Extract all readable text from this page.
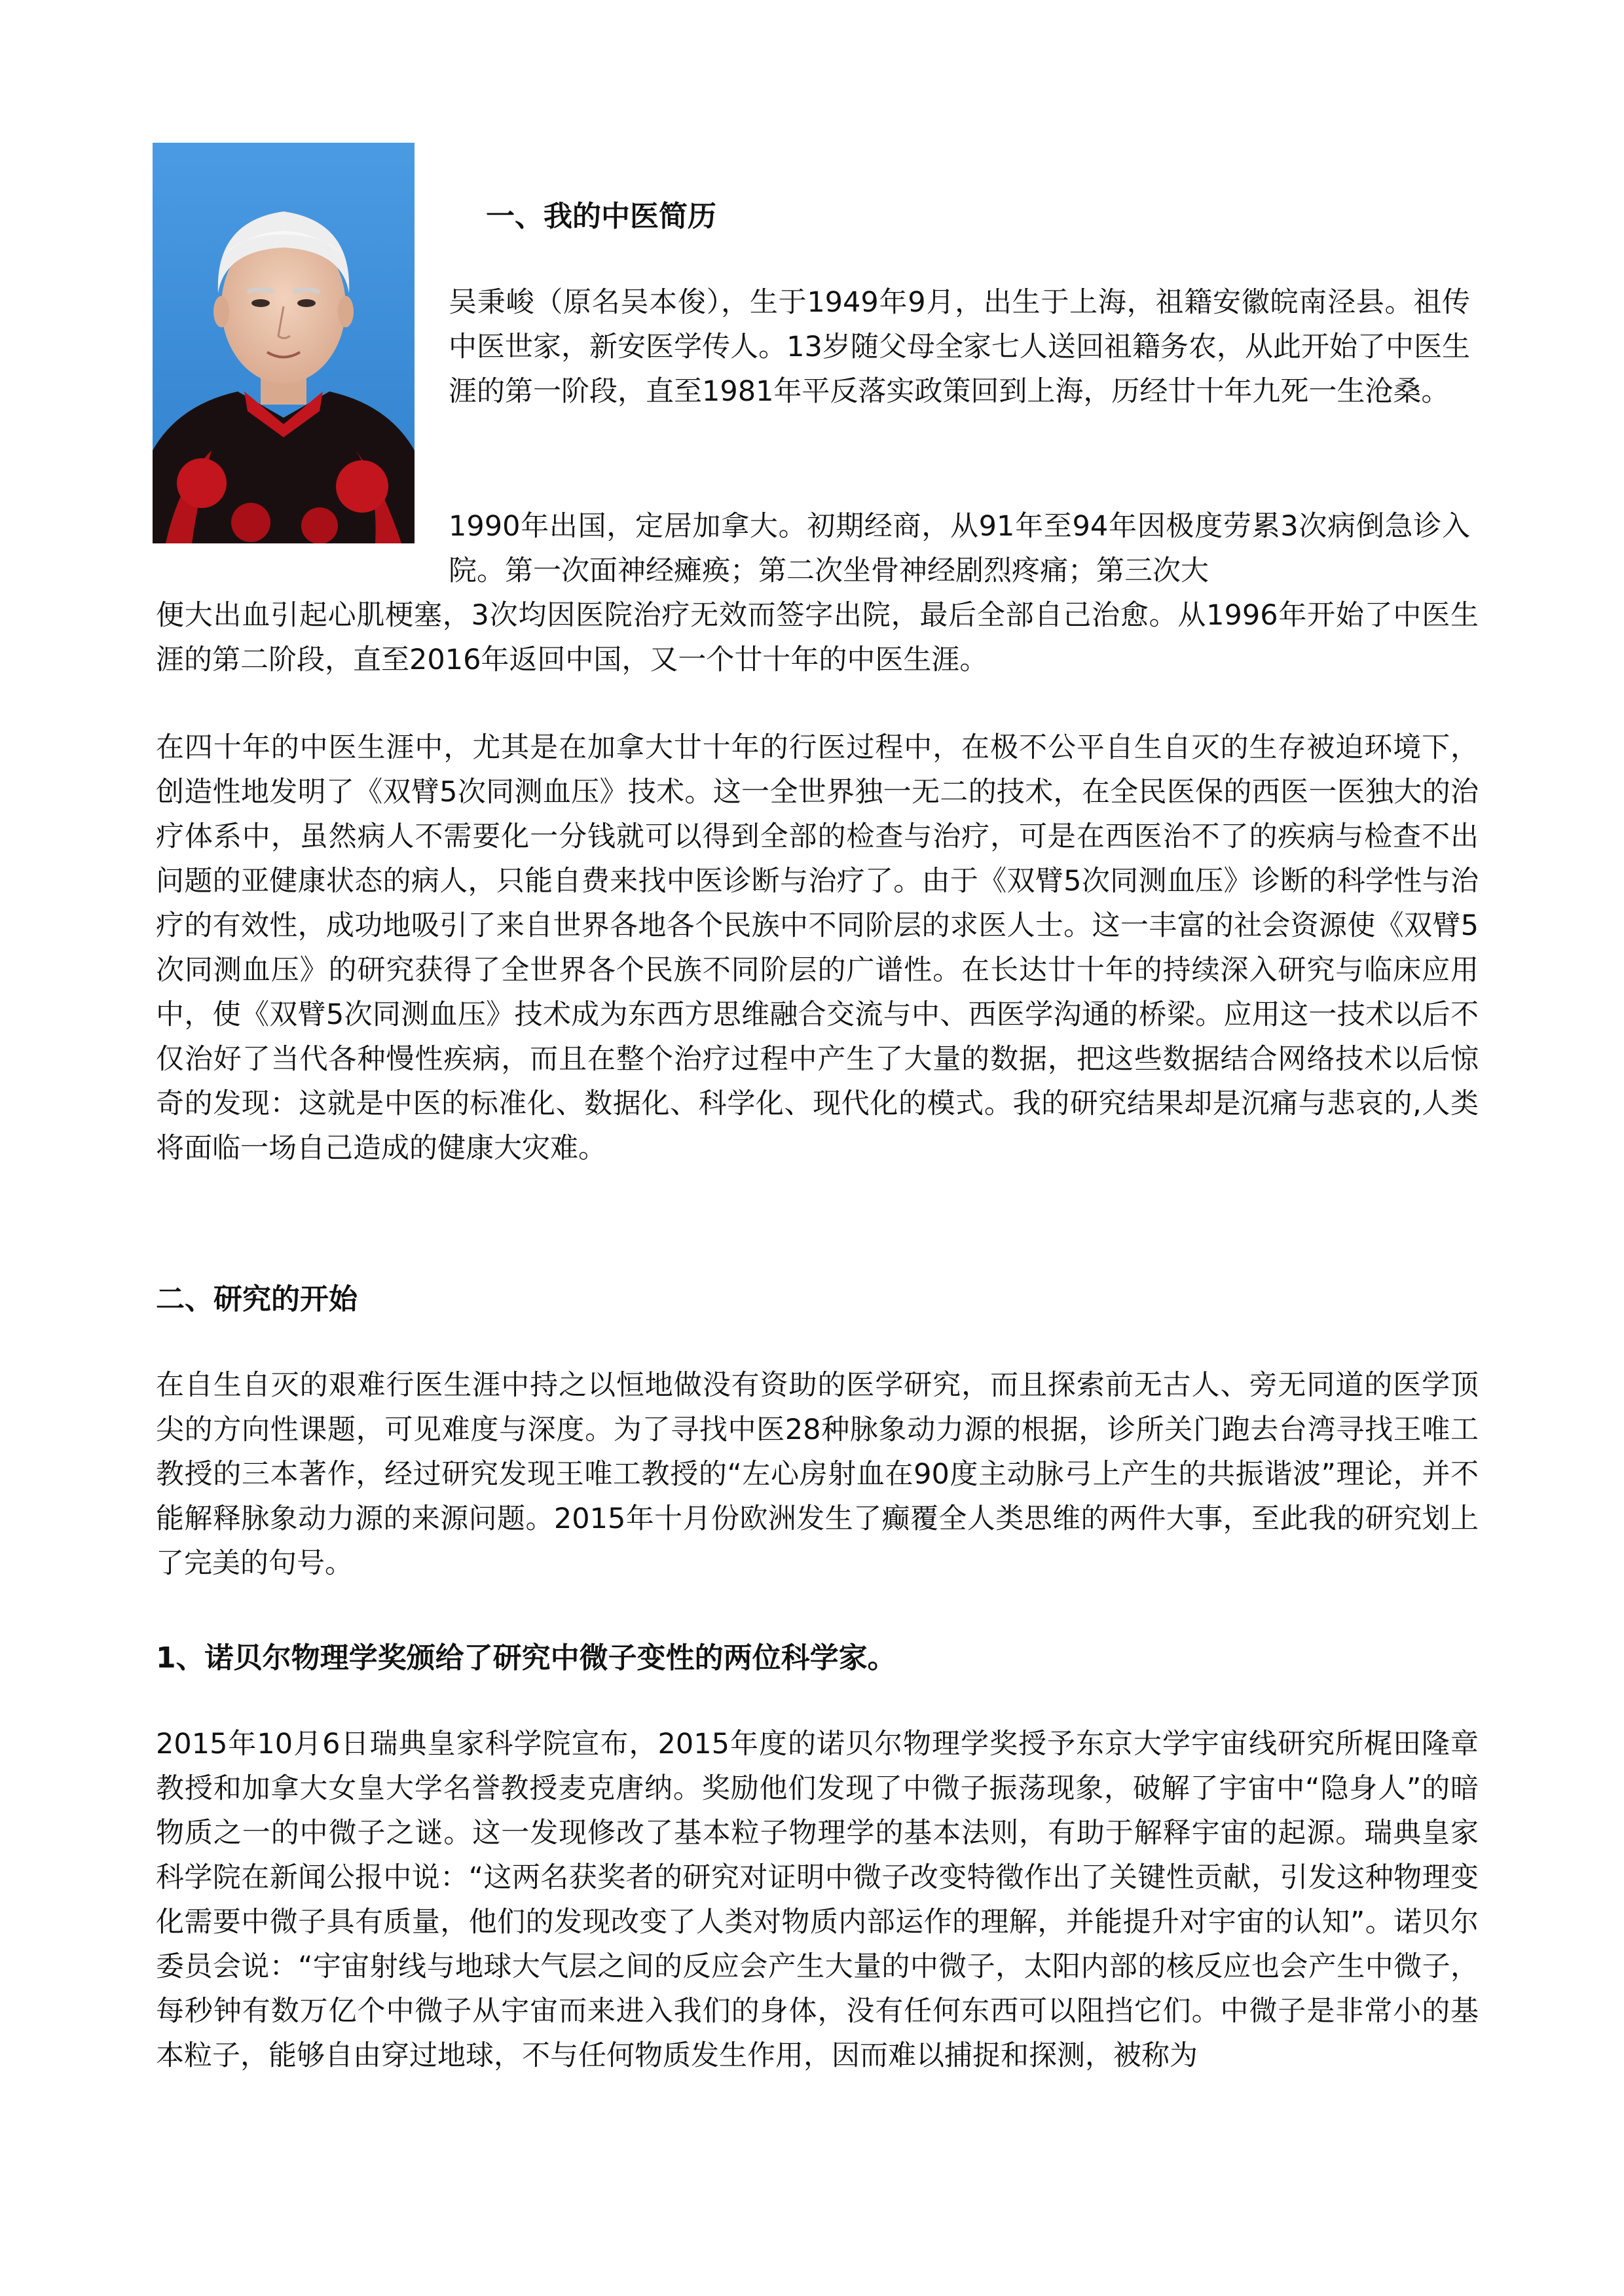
一、我的中医简历
吴秉峻（原名吴本俊），生于1949年9月，出生于上海，祖籍安徽皖南泾县。祖传中医世家，新安医学传人。13岁随父母全家七人送回祖籍务农，从此开始了中医生涯的第一阶段，直至1981年平反落实政策回到上海，历经廿十年九死一生沧桑。
1990年出国，定居加拿大。初期经商，从91年至94年因极度劳累3次病倒急诊入院。第一次面神经瘫痪；第二次坐骨神经剧烈疼痛；第三次大
便大出血引起心肌梗塞，3次均因医院治疗无效而签字出院，最后全部自己治愈。从1996年开始了中医生涯的第二阶段，直至2016年返回中国，又一个廿十年的中医生涯。
在四十年的中医生涯中，尤其是在加拿大廿十年的行医过程中，在极不公平自生自灭的生存被迫环境下，创造性地发明了《双臂5次同测血压》技术。这一全世界独一无二的技术，在全民医保的西医一医独大的治疗体系中，虽然病人不需要化一分钱就可以得到全部的检查与治疗，可是在西医治不了的疾病与检查不出问题的亚健康状态的病人，只能自费来找中医诊断与治疗了。由于《双臂5次同测血压》诊断的科学性与治疗的有效性，成功地吸引了来自世界各地各个民族中不同阶层的求医人士。这一丰富的社会资源使《双臂5次同测血压》的研究获得了全世界各个民族不同阶层的广谱性。在长达廿十年的持续深入研究与临床应用中，使《双臂5次同测血压》技术成为东西方思维融合交流与中、西医学沟通的桥梁。应用这一技术以后不仅治好了当代各种慢性疾病，而且在整个治疗过程中产生了大量的数据，把这些数据结合网络技术以后惊奇的发现：这就是中医的标准化、数据化、科学化、现代化的模式。我的研究结果却是沉痛与悲哀的,人类将面临一场自己造成的健康大灾难。
二、研究的开始
在自生自灭的艰难行医生涯中持之以恒地做没有资助的医学研究，而且探索前无古人、旁无同道的医学顶尖的方向性课题，可见难度与深度。为了寻找中医28种脉象动力源的根据，诊所关门跑去台湾寻找王唯工教授的三本著作，经过研究发现王唯工教授的“左心房射血在90度主动脉弓上产生的共振谐波”理论，并不能解释脉象动力源的来源问题。2015年十月份欧洲发生了癫覆全人类思维的两件大事，至此我的研究划上了完美的句号。
1、诺贝尔物理学奖颁给了研究中微子变性的两位科学家。
2015年10月6日瑞典皇家科学院宣布，2015年度的诺贝尔物理学奖授予东京大学宇宙线研究所梶田隆章教授和加拿大女皇大学名誉教授麦克唐纳。奖励他们发现了中微子振荡现象，破解了宇宙中“隐身人”的暗物质之一的中微子之谜。这一发现修改了基本粒子物理学的基本法则，有助于解释宇宙的起源。瑞典皇家科学院在新闻公报中说：“这两名获奖者的研究对证明中微子改变特徵作出了关键性贡献，引发这种物理变化需要中微子具有质量，他们的发现改变了人类对物质内部运作的理解，并能提升对宇宙的认知”。诺贝尔委员会说：“宇宙射线与地球大气层之间的反应会产生大量的中微子，太阳内部的核反应也会产生中微子，每秒钟有数万亿个中微子从宇宙而来进入我们的身体，没有任何东西可以阻挡它们。中微子是非常小的基本粒子，能够自由穿过地球，不与任何物质发生作用，因而难以捕捉和探测，被称为
